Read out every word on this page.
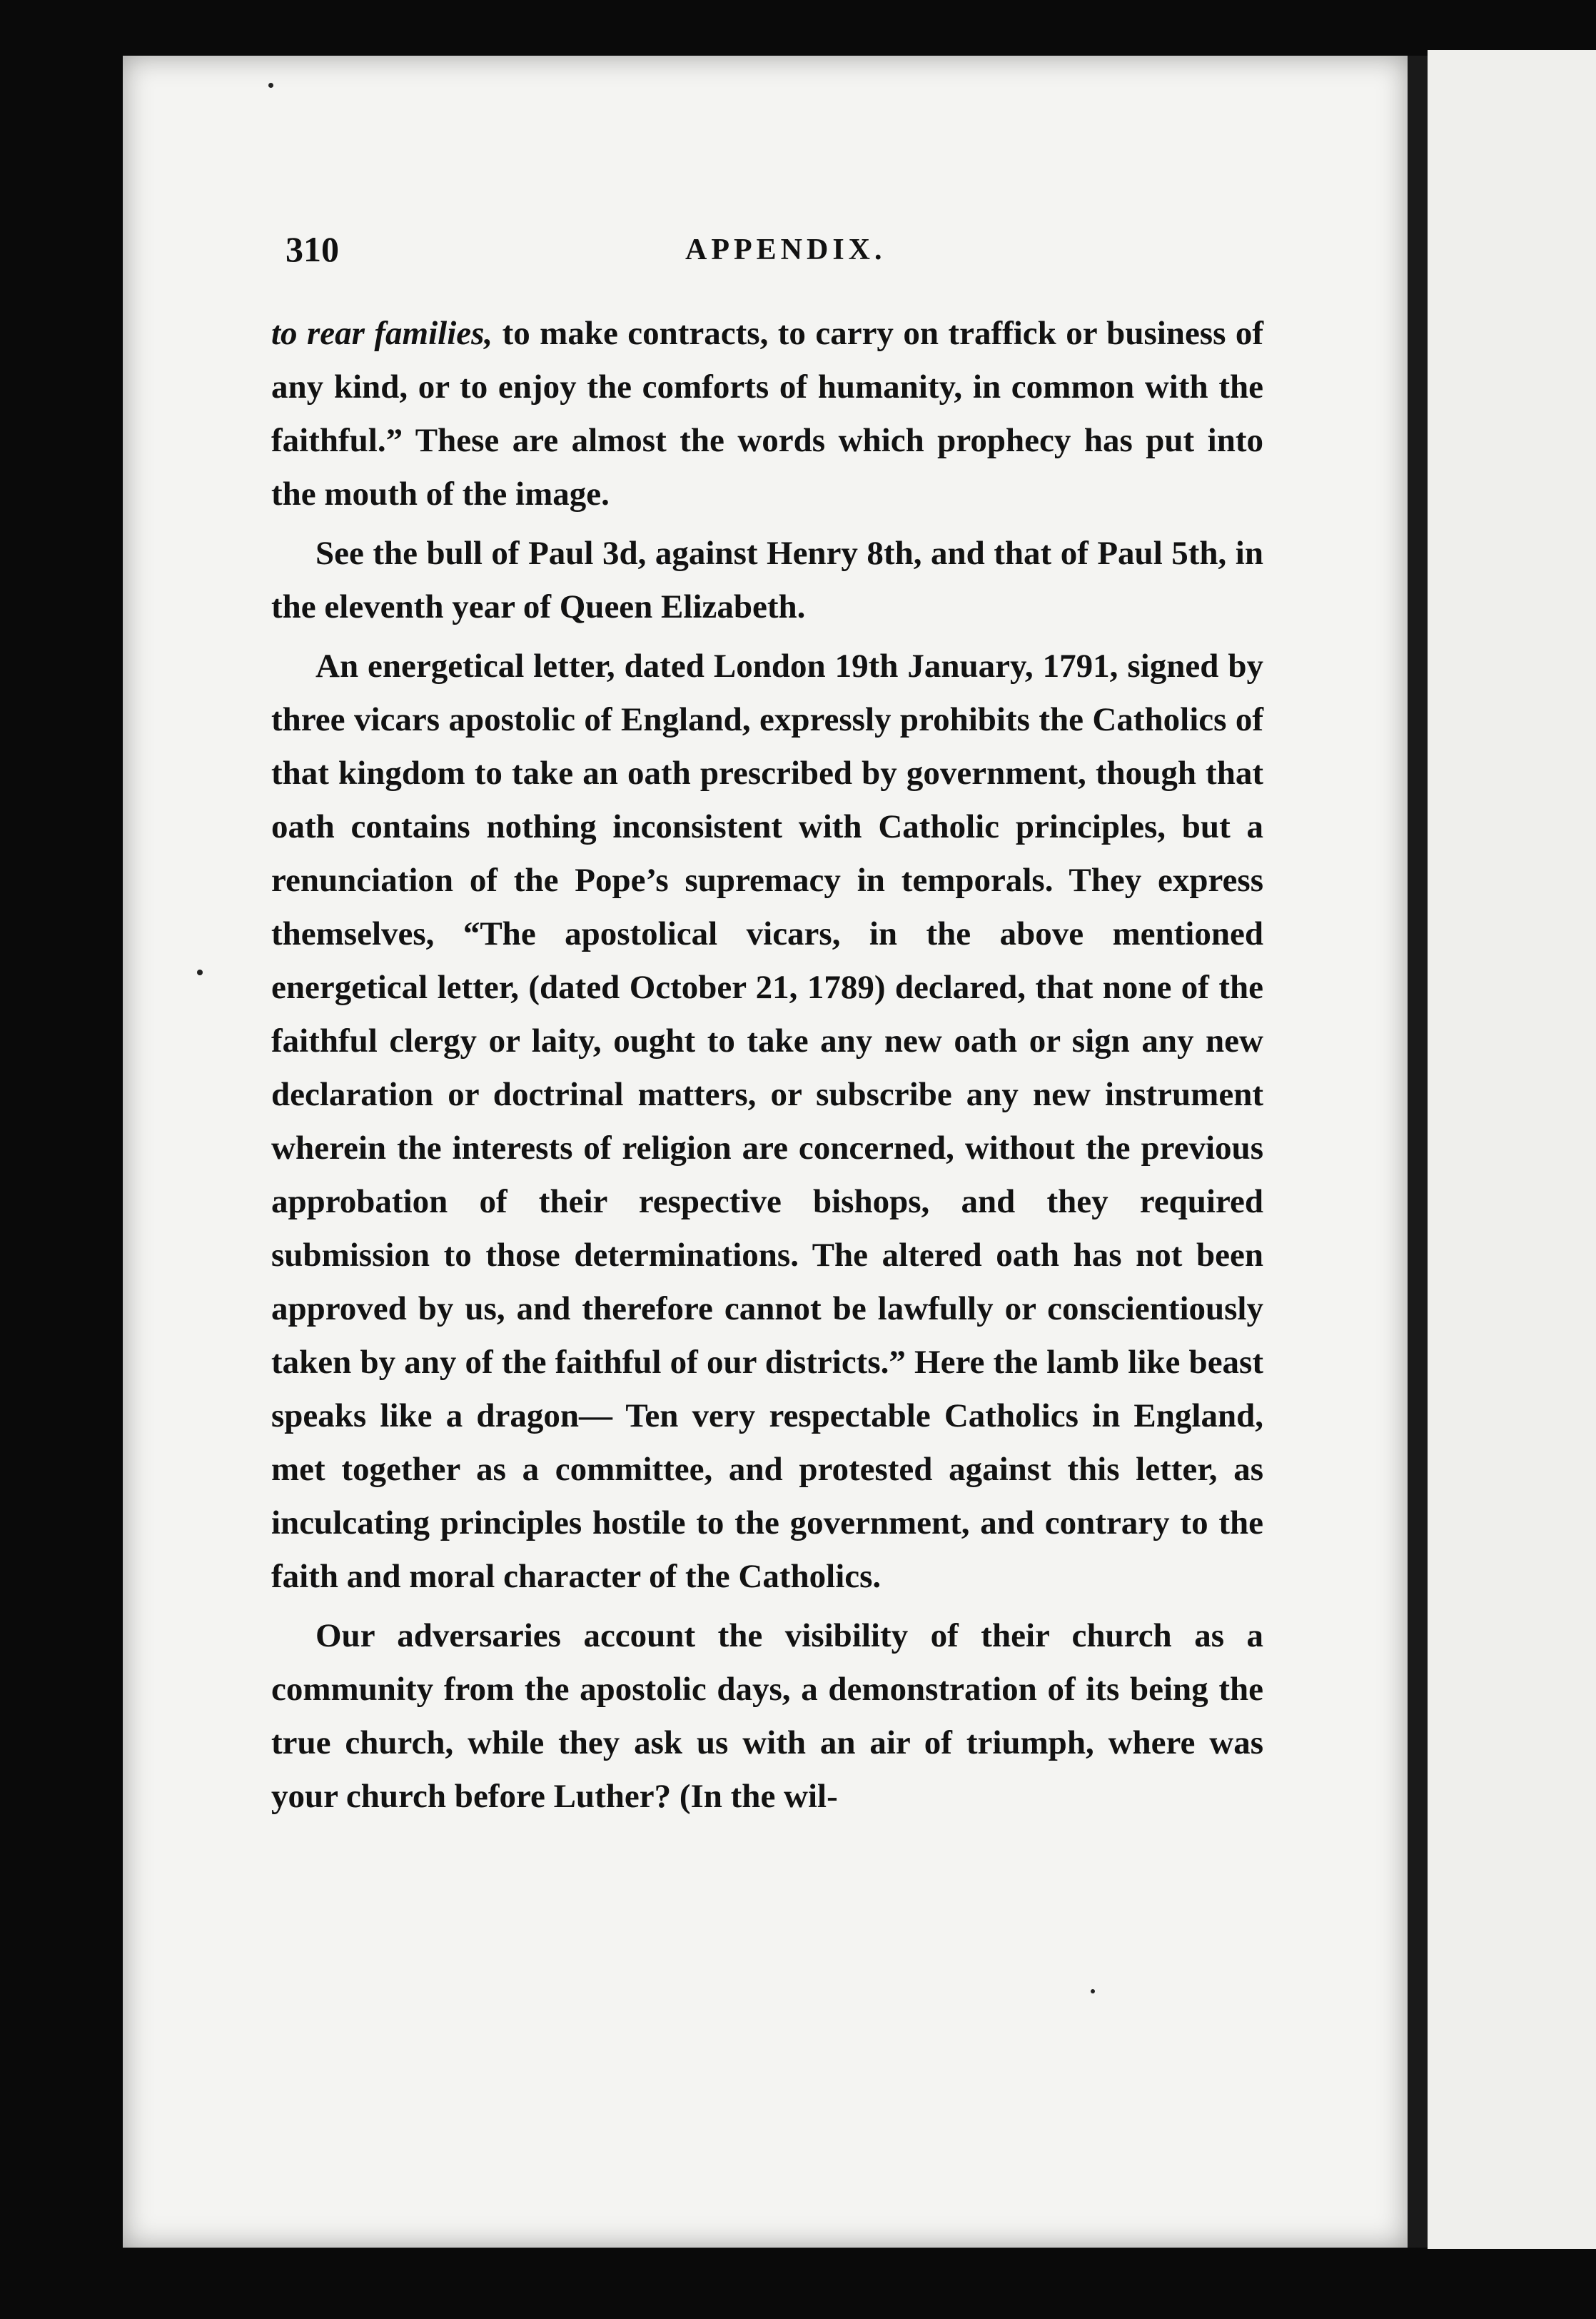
310	APPENDIX.

to rear families, to make contracts, to carry on traffick or business of any kind, or to enjoy the comforts of humanity, in common with the faithful.” These are almost the words which prophecy has put into the mouth of the image.

See the bull of Paul 3d, against Henry 8th, and that of Paul 5th, in the eleventh year of Queen Elizabeth.

An energetical letter, dated London 19th January, 1791, signed by three vicars apostolic of England, expressly prohibits the Catholics of that kingdom to take an oath prescribed by government, though that oath contains nothing inconsistent with Catholic principles, but a renunciation of the Pope’s supremacy in temporals. They express themselves, “The apostolical vicars, in the above mentioned energetical letter, (dated October 21, 1789) declared, that none of the faithful clergy or laity, ought to take any new oath or sign any new declaration or doctrinal matters, or subscribe any new instrument wherein the interests of religion are concerned, without the previous approbation of their respective bishops, and they required submission to those determinations. The altered oath has not been approved by us, and therefore cannot be lawfully or conscientiously taken by any of the faithful of our districts.” Here the lamb like beast speaks like a dragon— Ten very respectable Catholics in England, met together as a committee, and protested against this letter, as inculcating principles hostile to the government, and contrary to the faith and moral character of the Catholics.

Our adversaries account the visibility of their church as a community from the apostolic days, a demonstration of its being the true church, while they ask us with an air of triumph, where was your church before Luther? (In the wil-
